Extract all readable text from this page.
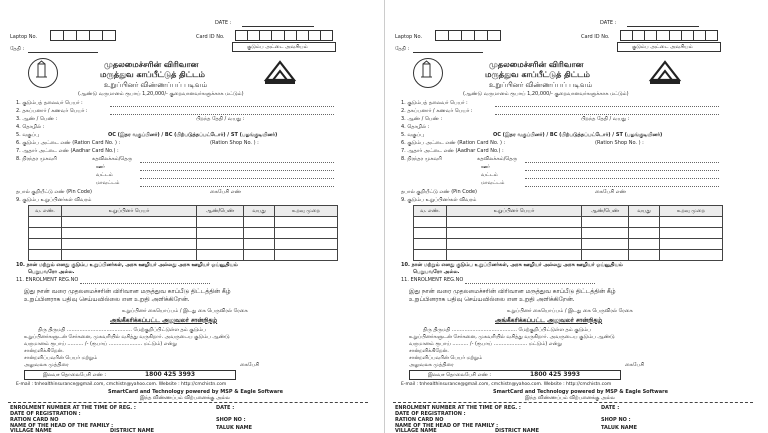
DATE :
Laptop No.	Card ID No.
தேதி :	குடும்ப அட்டை அவசியம்
முதலமைச்சரின் விரிவான
மருத்துவ காப்பீட்டுத் திட்டம்
உறுப்பினர் விண்ணப்பப் படிவம்
(ஆண்டு வருமானம் ரூபாய் 1,20,000/- குறைவானவர்களுக்காக மட்டும்)
1. குடும்பத் தலைவர் பெயர் :
2. தகப்பனார் / கணவர் பெயர் :
3. ஆண் / பெண் :	பிறந்த தேதி / வயது :
4. தொழில் :
5. வகுப்பு	OC (இதர வகுப்பினர்) / BC (பிற்படுத்தப்பட்டோர்) / ST (பழங்குடியினர்)
6. குடும்ப அட்டை எண் (Ration Card No. ) :	(Ration Shop No. ) :
7. ஆதார் அட்டை எண் (Aadhar Card No.) :
8. நிரந்தர முகவரி	கதவிலக்கம்/தெரு
ஊர்
வட்டம்
மாவட்டம்
தபால் குறியீட்டு எண் (Pin Code)	கைபேசி எண்
9. குடும்ப உறுப்பினர்கள் விவரம்
வ. எண்.	உறுப்பினர் பெயர்	ஆண்/பெண்	வயது	உறவு முறை

10. நான் மற்றும் எனது குடும்ப உறுப்பினர்கள், அரசு ஊழியர் அல்லது அரசு ஊழியர் ஓய்வூதியம்
பெறுபவரோ அல்ல.
11. ENROLMENT REG.NO
இது நான் வரை முதலமைச்சரின் விரிவான மருத்துவ காப்பீடு திட்டத்தின் கீழ்
உறுப்பினராக பதிவு செய்யவில்லை என உறுதி அளிக்கிறேன்.
உறுப்பினர் கையொப்பம் / இடது கை பெருவிரல் ரேகை
அங்கீகரிக்கப்பட்ட அலுவலர் சான்றிதழ்
திரு திருமதி ......................................... மேற்குறிப்பிட்டுள்ள தம் குடும்ப
உறுப்பினர்களுடன் சேர்கனை, முகவரியில் வசித்து வருகிறார். அவருடைய குடும்ப ஆண்டு
வருமானம் ரூபாய் .......... /- (ரூபாய் ..................... மட்டும்) என்று
சான்றளிக்கிறேன்.
சான்றளிப்பவரின் பெயர் மற்றும்
அலுவலக முத்திரை	கைபேசி
இலவச தொலைபேசி எண் :	1800 425 3993
E-mail : tnhealthinsurance@gmail.com, cmchistn@yahoo.com. Website : http://cmchistn.com
SmartCard and Technology powered by MSP & Eagle Software
இந்த விண்ணப்பம் விற்பனைக்கு அல்ல
ENROLMENT NUMBER AT THE TIME OF REG. :
DATE OF REGISTRATION :
RATION CARD NO
NAME OF THE HEAD OF THE FAMILY :
VILLAGE NAME
DATE :
SHOP NO :
TALUK NAME
DISTRICT NAME
DATE :
Laptop No.	Card ID No.
தேதி :	குடும்ப அட்டை அவசியம்
முதலமைச்சரின் விரிவான
மருத்துவ காப்பீட்டுத் திட்டம்
உறுப்பினர் விண்ணப்பப் படிவம்
(ஆண்டு வருமானம் ரூபாய் 1,20,000/- குறைவானவர்களுக்காக மட்டும்)
1. குடும்பத் தலைவர் பெயர் :
2. தகப்பனார் / கணவர் பெயர் :
3. ஆண் / பெண் :	பிறந்த தேதி / வயது :
4. தொழில் :
5. வகுப்பு	OC (இதர வகுப்பினர்) / BC (பிற்படுத்தப்பட்டோர்) / ST (பழங்குடியினர்)
6. குடும்ப அட்டை எண் (Ration Card No. ) :	(Ration Shop No. ) :
7. ஆதார் அட்டை எண் (Aadhar Card No.) :
8. நிரந்தர முகவரி	கதவிலக்கம்/தெரு
ஊர்
வட்டம்
மாவட்டம்
தபால் குறியீட்டு எண் (Pin Code)	கைபேசி எண்
9. குடும்ப உறுப்பினர்கள் விவரம்
வ. எண்.	உறுப்பினர் பெயர்	ஆண்/பெண்	வயது	உறவு முறை

10. நான் மற்றும் எனது குடும்ப உறுப்பினர்கள், அரசு ஊழியர் அல்லது அரசு ஊழியர் ஓய்வூதியம்
பெறுபவரோ அல்ல.
11. ENROLMENT REG.NO
இது நான் வரை முதலமைச்சரின் விரிவான மருத்துவ காப்பீடு திட்டத்தின் கீழ்
உறுப்பினராக பதிவு செய்யவில்லை என உறுதி அளிக்கிறேன்.
உறுப்பினர் கையொப்பம் / இடது கை பெருவிரல் ரேகை
அங்கீகரிக்கப்பட்ட அலுவலர் சான்றிதழ்
திரு திருமதி ......................................... மேற்குறிப்பிட்டுள்ள தம் குடும்ப
உறுப்பினர்களுடன் சேர்கனை, முகவரியில் வசித்து வருகிறார். அவருடைய குடும்ப ஆண்டு
வருமானம் ரூபாய் .......... /- (ரூபாய் ..................... மட்டும்) என்று
சான்றளிக்கிறேன்.
சான்றளிப்பவரின் பெயர் மற்றும்
அலுவலக முத்திரை	கைபேசி
இலவச தொலைபேசி எண் :	1800 425 3993
E-mail : tnhealthinsurance@gmail.com, cmchistn@yahoo.com. Website : http://cmchistn.com
SmartCard and Technology powered by MSP & Eagle Software
இந்த விண்ணப்பம் விற்பனைக்கு அல்ல
ENROLMENT NUMBER AT THE TIME OF REG. :
DATE OF REGISTRATION :
RATION CARD NO
NAME OF THE HEAD OF THE FAMILY :
VILLAGE NAME
DATE :
SHOP NO :
TALUK NAME
DISTRICT NAME
